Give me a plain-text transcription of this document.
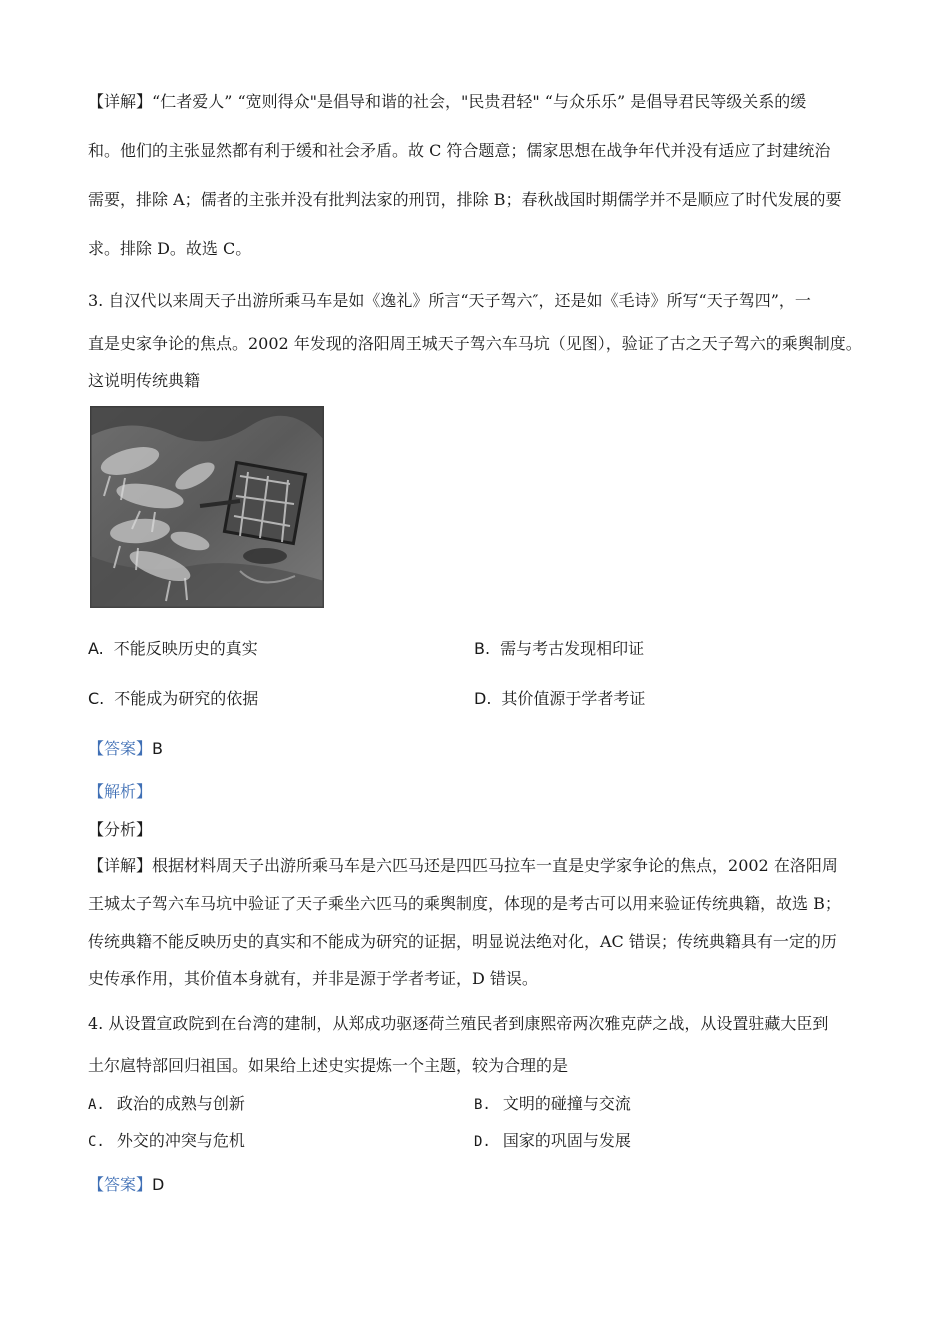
【详解】“仁者爱人” “宽则得众"是倡导和谐的社会，"民贵君轻" “与众乐乐” 是倡导君民等级关系的缓
和。他们的主张显然都有利于缓和社会矛盾。故 C 符合题意；儒家思想在战争年代并没有适应了封建统治
需要，排除 A；儒者的主张并没有批判法家的刑罚，排除 B；春秋战国时期儒学并不是顺应了时代发展的要
求。排除 D。故选 C。
3. 自汉代以来周天子出游所乘马车是如《逸礼》所言“天子驾六″，还是如《毛诗》所写“天子驾四”，一
直是史家争论的焦点。2002 年发现的洛阳周王城天子驾六车马坑（见图），验证了古之天子驾六的乘舆制度。
这说明传统典籍
A. 不能反映历史的真实	B. 需与考古发现相印证
C. 不能成为研究的依据	D. 其价值源于学者考证
【答案】B
【解析】
【分析】
【详解】根据材料周天子出游所乘马车是六匹马还是四匹马拉车一直是史学家争论的焦点，2002 在洛阳周
王城太子驾六车马坑中验证了天子乘坐六匹马的乘舆制度，体现的是考古可以用来验证传统典籍，故选 B；
传统典籍不能反映历史的真实和不能成为研究的证据，明显说法绝对化，AC 错误；传统典籍具有一定的历
史传承作用，其价值本身就有，并非是源于学者考证，D 错误。
4. 从设置宣政院到在台湾的建制，从郑成功驱逐荷兰殖民者到康熙帝两次雅克萨之战，从设置驻藏大臣到
土尔扈特部回归祖国。如果给上述史实提炼一个主题，较为合理的是
A. 政治的成熟与创新	B. 文明的碰撞与交流
C. 外交的冲突与危机	D. 国家的巩固与发展
【答案】D
